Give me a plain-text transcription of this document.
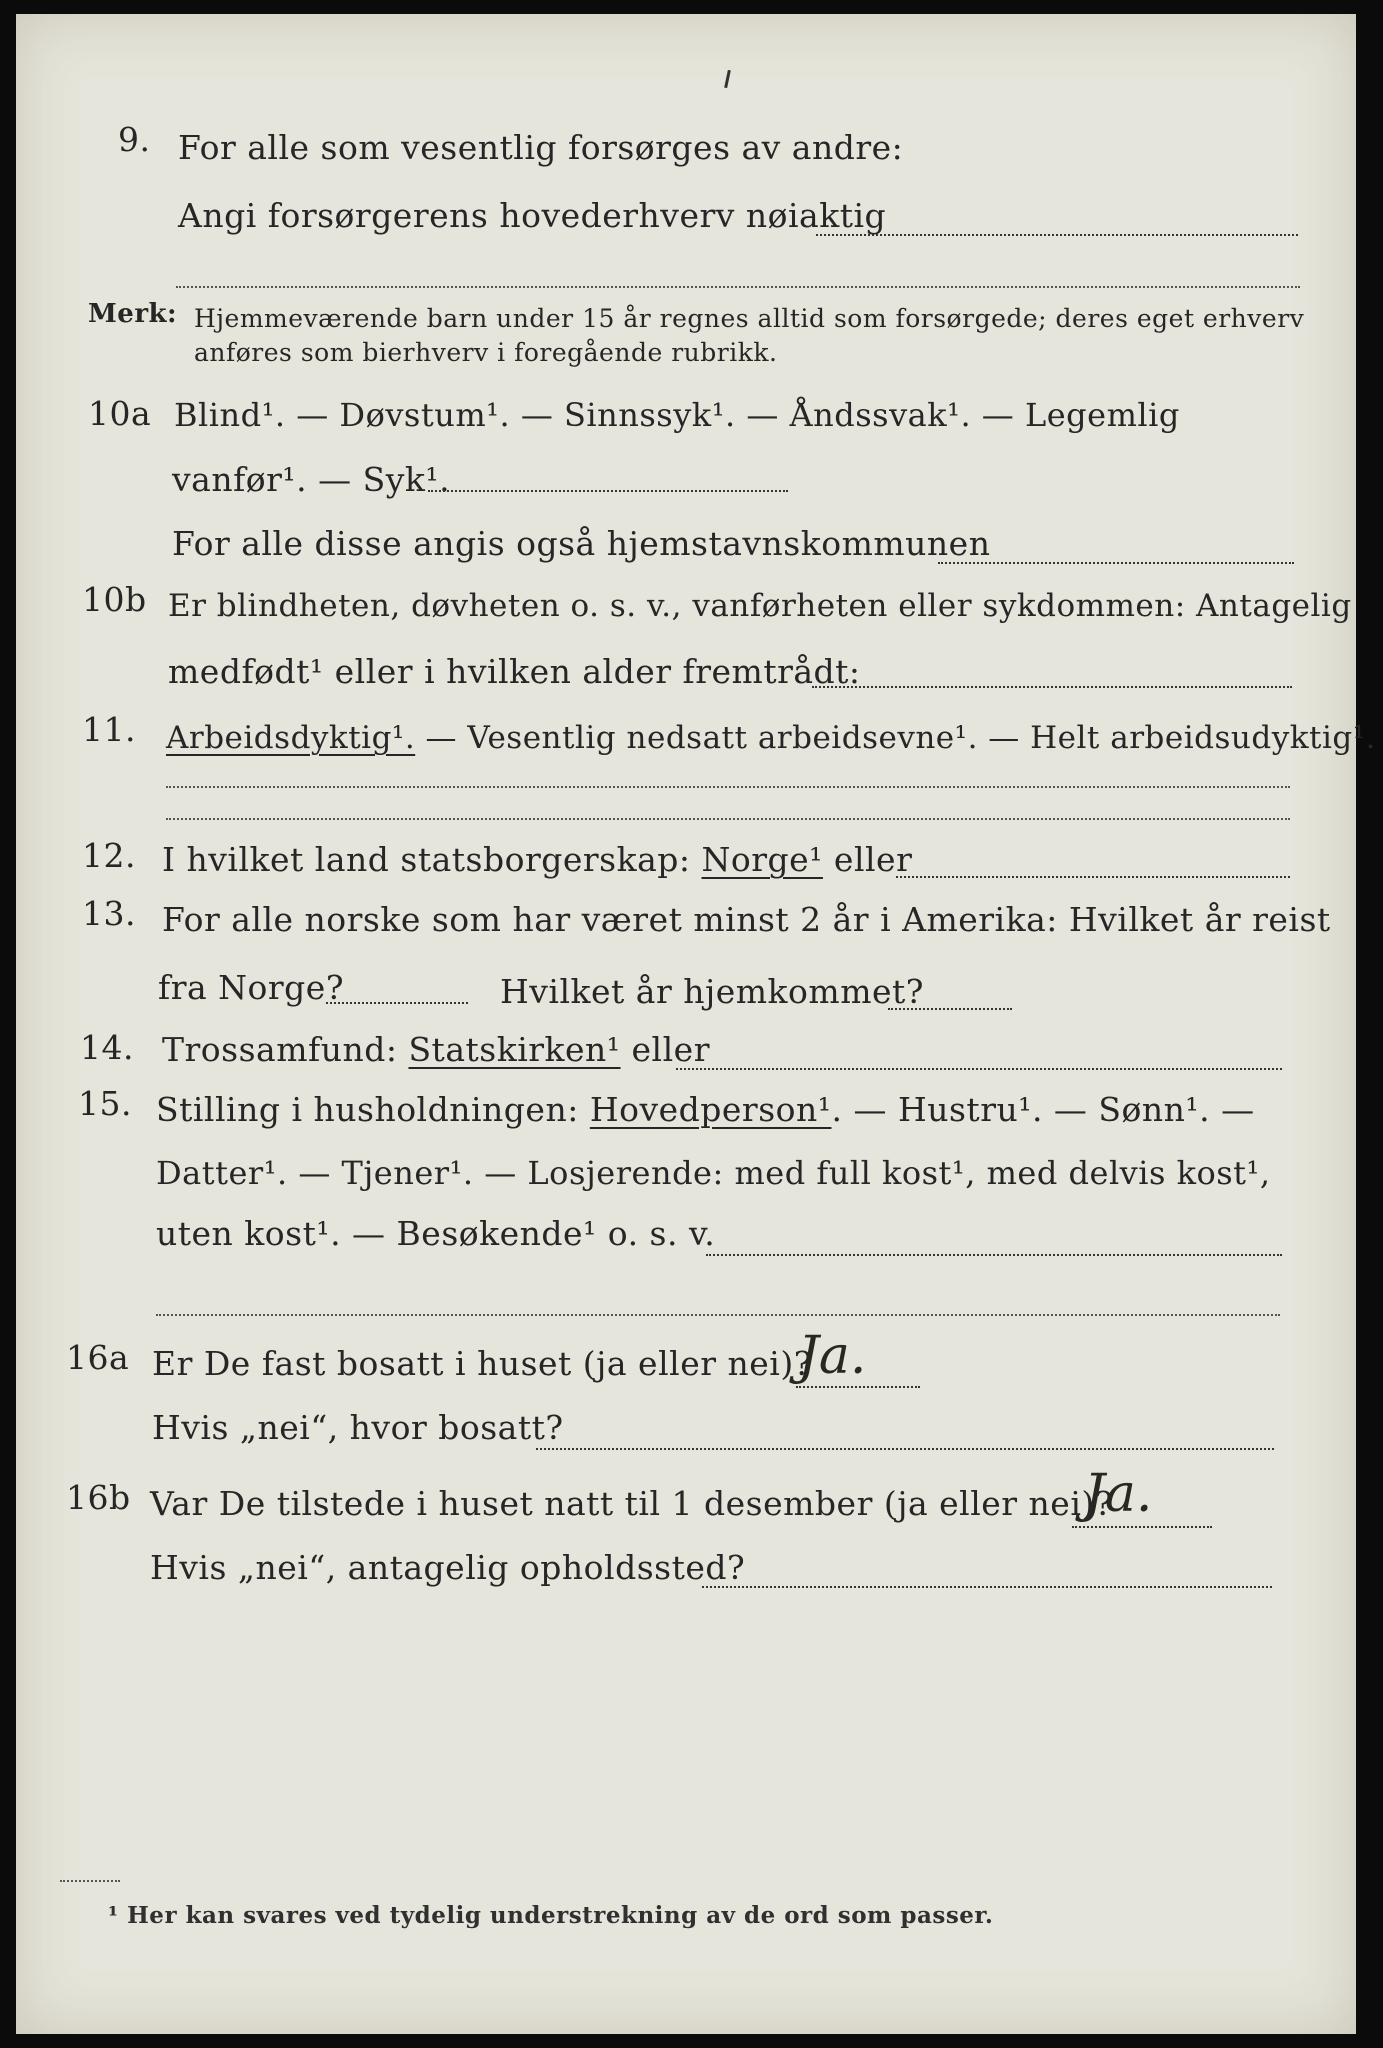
9. For alle som vesentlig forsørges av andre:
Angi forsørgerens hovederhverv nøiaktig
Merk: Hjemmeværende barn under 15 år regnes alltid som forsørgede; deres eget erhverv
anføres som bierhverv i foregående rubrikk.
10a Blind¹. — Døvstum¹. — Sinnssyk¹. — Åndssvak¹. — Legemlig
vanfør¹. — Syk¹.
For alle disse angis også hjemstavnskommunen
10b Er blindheten, døvheten o. s. v., vanførheten eller sykdommen: Antagelig
medfødt¹ eller i hvilken alder fremtrådt:
11. Arbeidsdyktig¹. — Vesentlig nedsatt arbeidsevne¹. — Helt arbeidsudyktig¹.
12. I hvilket land statsborgerskap: Norge¹ eller
13. For alle norske som har været minst 2 år i Amerika: Hvilket år reist
fra Norge?	Hvilket år hjemkommet?
14. Trossamfund: Statskirken¹ eller
15. Stilling i husholdningen: Hovedperson¹. — Hustru¹. — Sønn¹. —
Datter¹. — Tjener¹. — Losjerende: med full kost¹, med delvis kost¹,
uten kost¹. — Besøkende¹ o. s. v.
16a Er De fast bosatt i huset (ja eller nei)?
Ja.
Hvis „nei“, hvor bosatt?
16b Var De tilstede i huset natt til 1 desember (ja eller nei)?
Ja.
Hvis „nei“, antagelig opholdssted?
¹ Her kan svares ved tydelig understrekning av de ord som passer.
